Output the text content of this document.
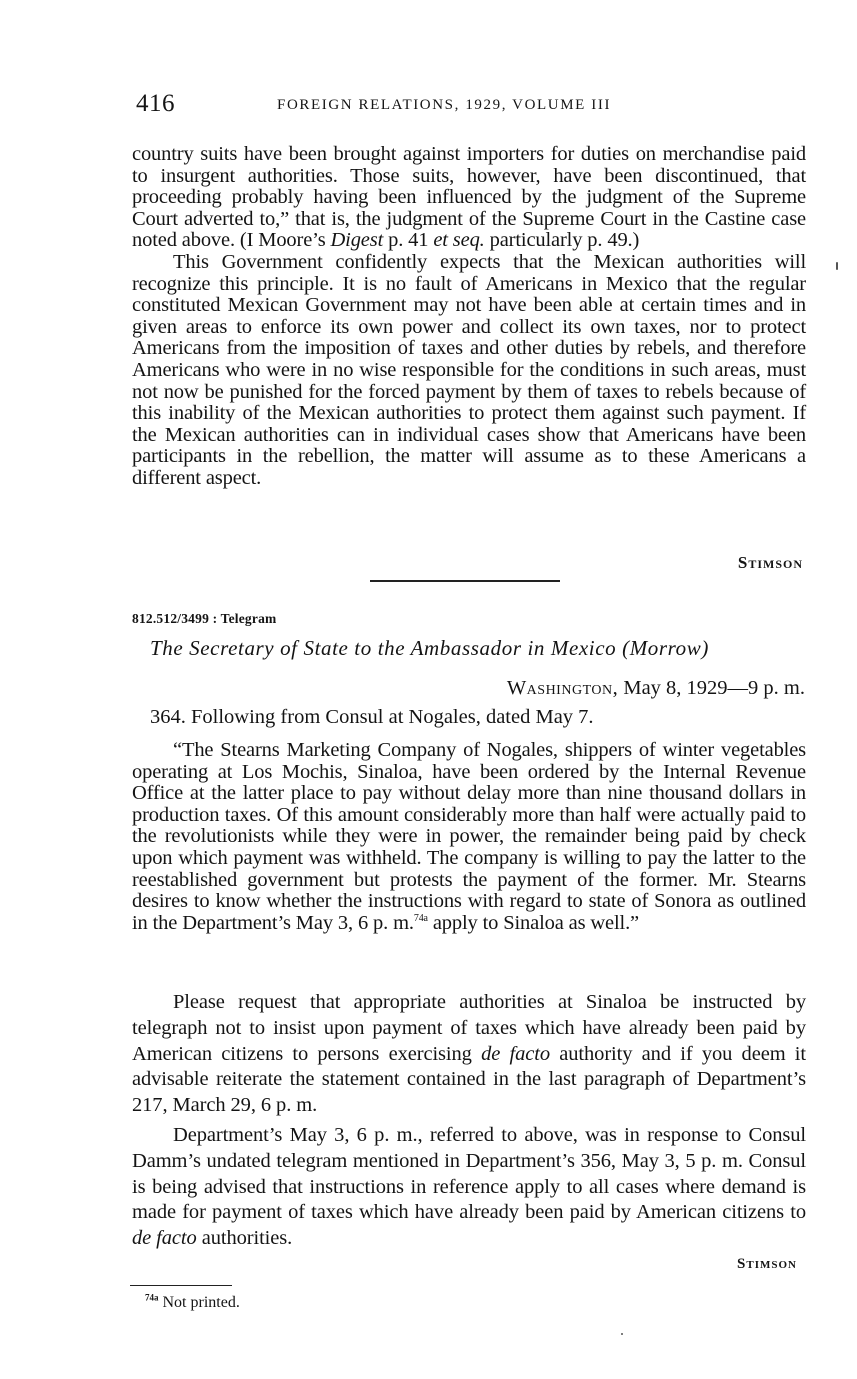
416	FOREIGN RELATIONS, 1929, VOLUME III

country suits have been brought against importers for duties on merchandise paid to insurgent authorities. Those suits, however, have been discontinued, that proceeding probably having been influenced by the judgment of the Supreme Court adverted to,” that is, the judgment of the Supreme Court in the Castine case noted above. (I Moore’s Digest p. 41 et seq. particularly p. 49.)

This Government confidently expects that the Mexican authorities will recognize this principle. It is no fault of Americans in Mexico that the regular constituted Mexican Government may not have been able at certain times and in given areas to enforce its own power and collect its own taxes, nor to protect Americans from the imposition of taxes and other duties by rebels, and therefore Americans who were in no wise responsible for the conditions in such areas, must not now be punished for the forced payment by them of taxes to rebels because of this inability of the Mexican authorities to protect them against such payment. If the Mexican authorities can in individual cases show that Americans have been participants in the rebellion, the matter will assume as to these Americans a different aspect.

Stimson
812.512/3499 : Telegram
The Secretary of State to the Ambassador in Mexico (Morrow)
Washington, May 8, 1929—9 p. m.
364. Following from Consul at Nogales, dated May 7.
“The Stearns Marketing Company of Nogales, shippers of winter vegetables operating at Los Mochis, Sinaloa, have been ordered by the Internal Revenue Office at the latter place to pay without delay more than nine thousand dollars in production taxes. Of this amount considerably more than half were actually paid to the revolutionists while they were in power, the remainder being paid by check upon which payment was withheld. The company is willing to pay the latter to the reestablished government but protests the payment of the former. Mr. Stearns desires to know whether the instructions with regard to state of Sonora as outlined in the Department’s May 3, 6 p. m.$^{74a}$ apply to Sinaloa as well.”

Please request that appropriate authorities at Sinaloa be instructed by telegraph not to insist upon payment of taxes which have already been paid by American citizens to persons exercising de facto authority and if you deem it advisable reiterate the statement contained in the last paragraph of Department’s 217, March 29, 6 p. m.

Department’s May 3, 6 p. m., referred to above, was in response to Consul Damm’s undated telegram mentioned in Department’s 356, May 3, 5 p. m. Consul is being advised that instructions in reference apply to all cases where demand is made for payment of taxes which have already been paid by American citizens to de facto authorities.

Stimson
$^{74a}$ Not printed.
